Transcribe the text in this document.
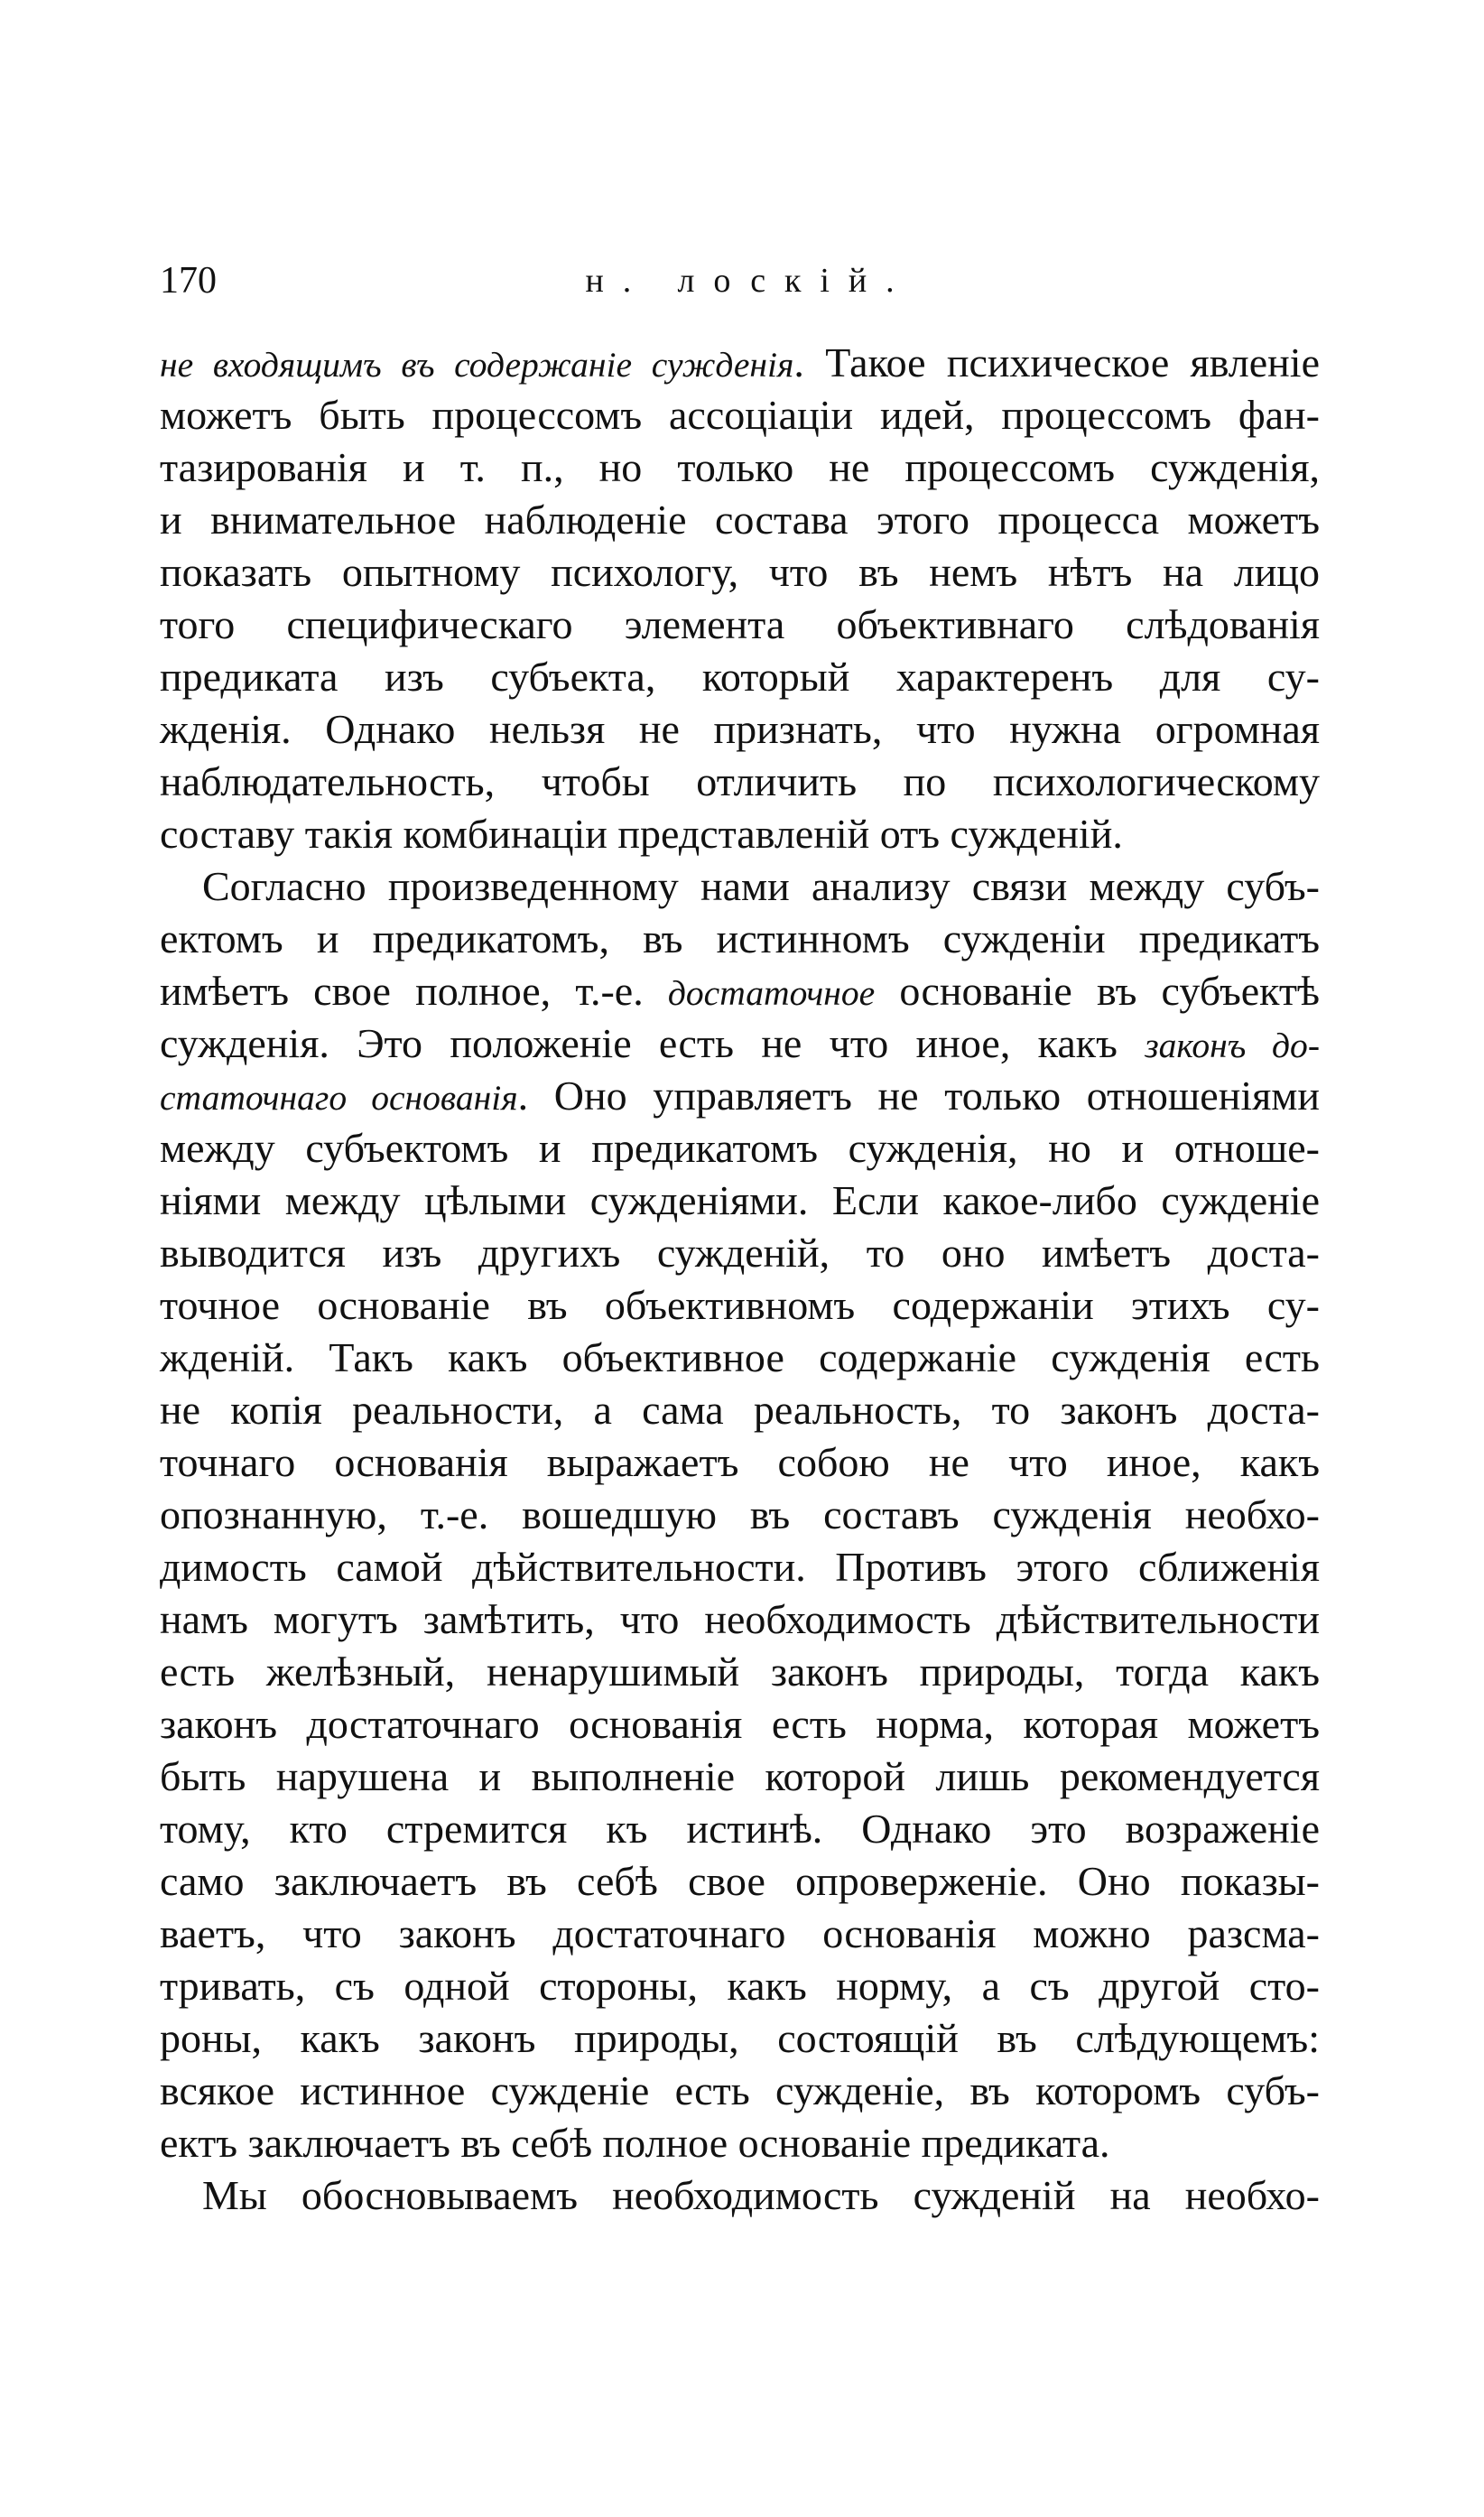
170	н. лоскій.
не входящимъ въ содержаніе сужденія. Такое психическое явленіе
можетъ быть процессомъ ассоціаціи идей, процессомъ фан-
тазированія и т. п., но только не процессомъ сужденія,
и внимательное наблюденіе состава этого процесса можетъ
показать опытному психологу, что въ немъ нѣтъ на лицо
того специфическаго элемента объективнаго слѣдованія
предиката изъ субъекта, который характеренъ для су-
жденія. Однако нельзя не признать, что нужна огромная
наблюдательность, чтобы отличить по психологическому
составу такія комбинаціи представленій отъ сужденій.
Согласно произведенному нами анализу связи между субъ-
ектомъ и предикатомъ, въ истинномъ сужденіи предикатъ
имѣетъ свое полное, т.-е. достаточное основаніе въ субъектѣ
сужденія. Это положеніе есть не что иное, какъ законъ до-
статочнаго основанія. Оно управляетъ не только отношеніями
между субъектомъ и предикатомъ сужденія, но и отноше-
ніями между цѣлыми сужденіями. Если какое-либо сужденіе
выводится изъ другихъ сужденій, то оно имѣетъ доста-
точное основаніе въ объективномъ содержаніи этихъ су-
жденій. Такъ какъ объективное содержаніе сужденія есть
не копія реальности, а сама реальность, то законъ доста-
точнаго основанія выражаетъ собою не что иное, какъ
опознанную, т.-е. вошедшую въ составъ сужденія необхо-
димость самой дѣйствительности. Противъ этого сближенія
намъ могутъ замѣтить, что необходимость дѣйствительности
есть желѣзный, ненарушимый законъ природы, тогда какъ
законъ достаточнаго основанія есть норма, которая можетъ
быть нарушена и выполненіе которой лишь рекомендуется
тому, кто стремится къ истинѣ. Однако это возраженіе
само заключаетъ въ себѣ свое опроверженіе. Оно показы-
ваетъ, что законъ достаточнаго основанія можно разсма-
тривать, съ одной стороны, какъ норму, а съ другой сто-
роны, какъ законъ природы, состоящій въ слѣдующемъ:
всякое истинное сужденіе есть сужденіе, въ которомъ субъ-
ектъ заключаетъ въ себѣ полное основаніе предиката.
Мы обосновываемъ необходимость сужденій на необхо-
